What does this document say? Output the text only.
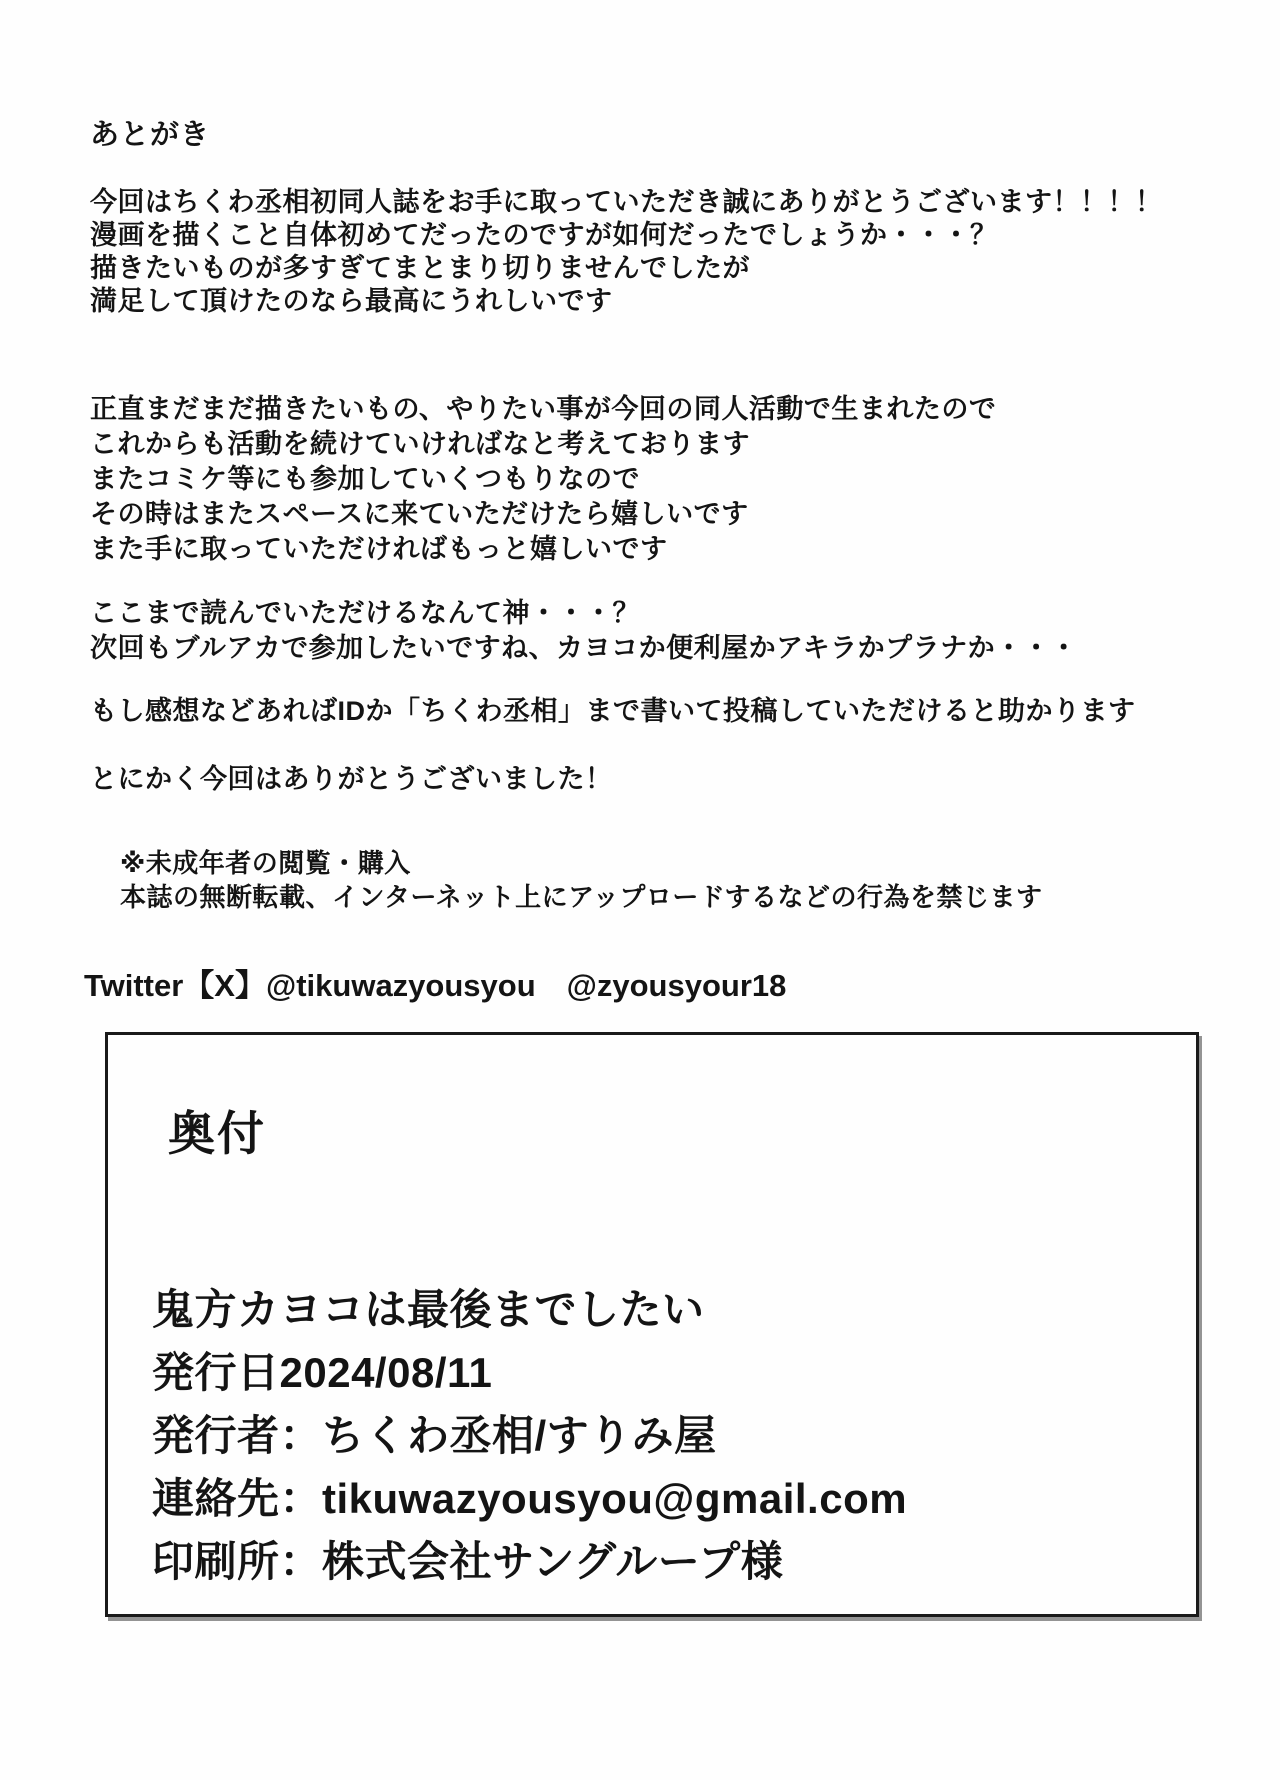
あとがき
今回はちくわ丞相初同人誌をお手に取っていただき誠にありがとうございます！！！！
漫画を描くこと自体初めてだったのですが如何だったでしょうか・・・？
描きたいものが多すぎてまとまり切りませんでしたが
満足して頂けたのなら最高にうれしいです
正直まだまだ描きたいもの、やりたい事が今回の同人活動で生まれたので
これからも活動を続けていければなと考えております
またコミケ等にも参加していくつもりなので
その時はまたスペースに来ていただけたら嬉しいです
また手に取っていただければもっと嬉しいです
ここまで読んでいただけるなんて神・・・？
次回もブルアカで参加したいですね、カヨコか便利屋かアキラかプラナか・・・
もし感想などあればIDか「ちくわ丞相」まで書いて投稿していただけると助かります
とにかく今回はありがとうございました！
※未成年者の閲覧・購入
本誌の無断転載、インターネット上にアップロードするなどの行為を禁じます
Twitter【X】@tikuwazyousyou　@zyousyour18
奥付
鬼方カヨコは最後までしたい
発行日2024/08/11
発行者：ちくわ丞相/すりみ屋
連絡先：tikuwazyousyou@gmail.com
印刷所：株式会社サングループ様
